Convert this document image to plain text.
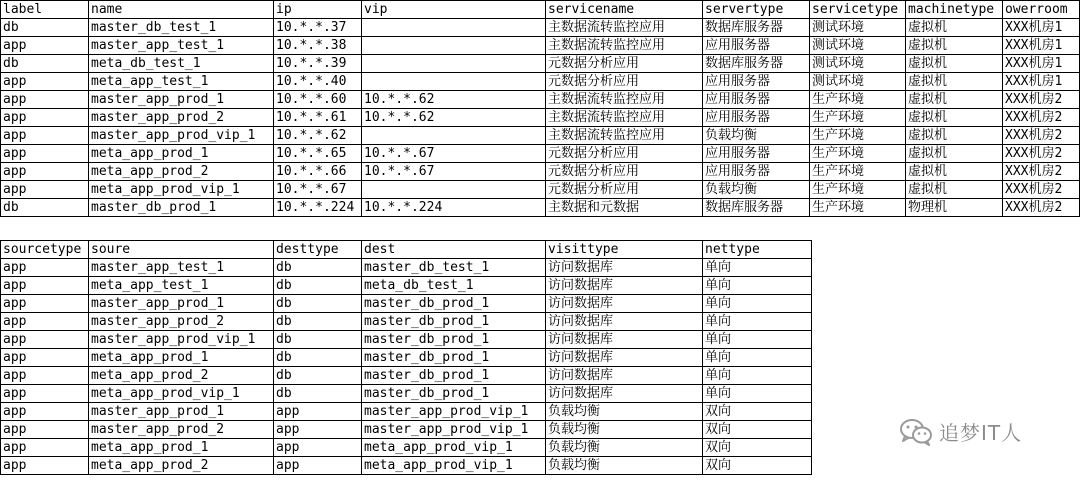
label	name	ip	vip	servicename	servertype	servicetype	machinetype	owerroom
db	master_db_test_1	10.*.*.37		主数据流转监控应用	数据库服务器	测试环境	虚拟机	XXX机房1
app	master_app_test_1	10.*.*.38		主数据流转监控应用	应用服务器	测试环境	虚拟机	XXX机房1
db	meta_db_test_1	10.*.*.39		元数据分析应用	数据库服务器	测试环境	虚拟机	XXX机房1
app	meta_app_test_1	10.*.*.40		元数据分析应用	应用服务器	测试环境	虚拟机	XXX机房1
app	master_app_prod_1	10.*.*.60	10.*.*.62	主数据流转监控应用	应用服务器	生产环境	虚拟机	XXX机房2
app	master_app_prod_2	10.*.*.61	10.*.*.62	主数据流转监控应用	应用服务器	生产环境	虚拟机	XXX机房2
app	master_app_prod_vip_1	10.*.*.62		主数据流转监控应用	负载均衡	生产环境	虚拟机	XXX机房2
app	meta_app_prod_1	10.*.*.65	10.*.*.67	元数据分析应用	应用服务器	生产环境	虚拟机	XXX机房2
app	meta_app_prod_2	10.*.*.66	10.*.*.67	元数据分析应用	应用服务器	生产环境	虚拟机	XXX机房2
app	meta_app_prod_vip_1	10.*.*.67		元数据分析应用	负载均衡	生产环境	虚拟机	XXX机房2
db	master_db_prod_1	10.*.*.224	10.*.*.224	主数据和元数据	数据库服务器	生产环境	物理机	XXX机房2
sourcetype	soure	desttype	dest	visittype	nettype
app	master_app_test_1	db	master_db_test_1	访问数据库	单向
app	meta_app_test_1	db	meta_db_test_1	访问数据库	单向
app	master_app_prod_1	db	master_db_prod_1	访问数据库	单向
app	master_app_prod_2	db	master_db_prod_1	访问数据库	单向
app	master_app_prod_vip_1	db	master_db_prod_1	访问数据库	单向
app	meta_app_prod_1	db	master_db_prod_1	访问数据库	单向
app	meta_app_prod_2	db	master_db_prod_1	访问数据库	单向
app	meta_app_prod_vip_1	db	master_db_prod_1	访问数据库	单向
app	master_app_prod_1	app	master_app_prod_vip_1	负载均衡	双向
app	master_app_prod_2	app	master_app_prod_vip_1	负载均衡	双向
app	meta_app_prod_1	app	meta_app_prod_vip_1	负载均衡	双向
app	meta_app_prod_2	app	meta_app_prod_vip_1	负载均衡	双向
追梦IT人
